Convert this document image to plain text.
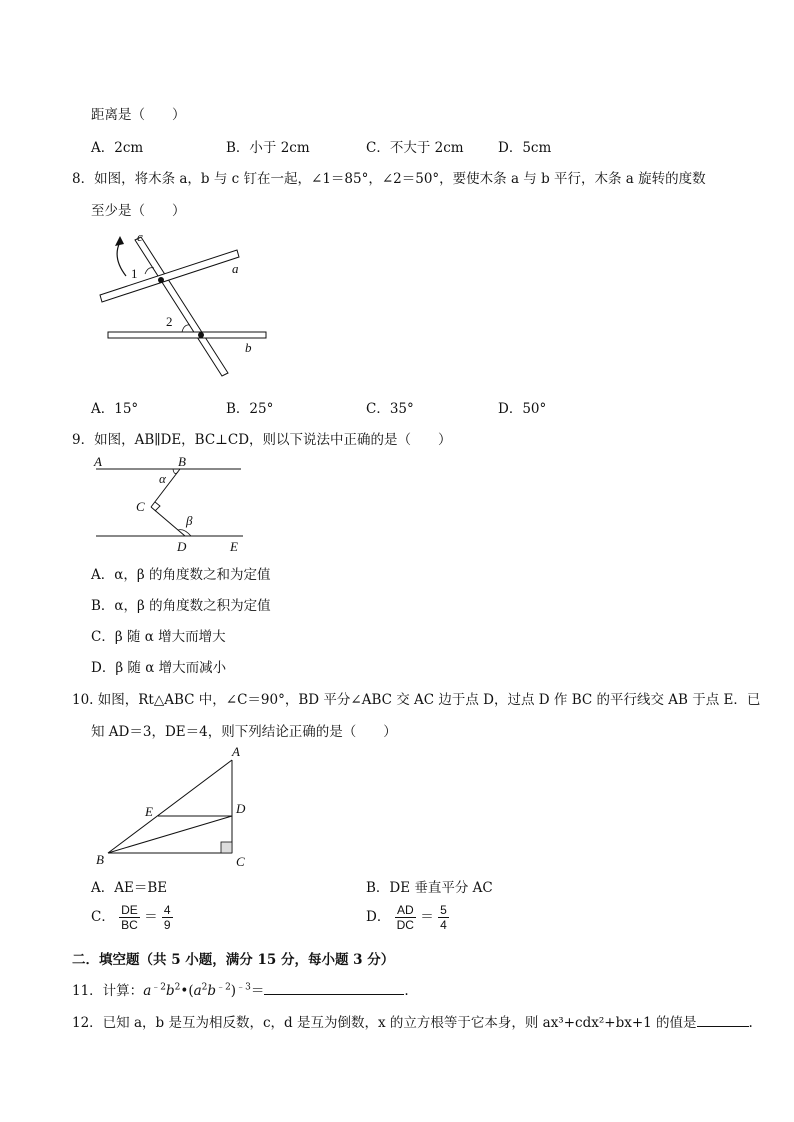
距离是（　　）
A．2cm	B．小于 2cm	C．不大于 2cm	D．5cm
8．如图，将木条 a，b 与 c 钉在一起，∠1＝85°，∠2＝50°，要使木条 a 与 b 平行，木条 a 旋转的度数
至少是（　　）
c
a
b
1
2
A．15°	B．25°	C．35°	D．50°
9．如图，AB∥DE，BC⊥CD，则以下说法中正确的是（　　）
A	B
C
D	E
α
β
A．α，β 的角度数之和为定值
B．α，β 的角度数之积为定值
C．β 随 α 增大而增大
D．β 随 α 增大而减小
10. 如图，Rt△ABC 中，∠C＝90°，BD 平分∠ABC 交 AC 边于点 D，过点 D 作 BC 的平行线交 AB 于点 E．已
知 AD＝3，DE＝4，则下列结论正确的是（　　）
A
B	C
D
E
A．AE＝BE	B．DE 垂直平分 AC
C． $\frac{DE}{BC} = \frac{4}{9}$	D． $\frac{AD}{DC} = \frac{5}{4}$
二．填空题（共 5 小题，满分 15 分，每小题 3 分）
11．计算：$a^{﹣2}b^2•(a^2b^{﹣2})^{﹣3}=$	.
12．已知 a，b 是互为相反数，c，d 是互为倒数，x 的立方根等于它本身，则 ax³+cdx²+bx+1 的值是	.
